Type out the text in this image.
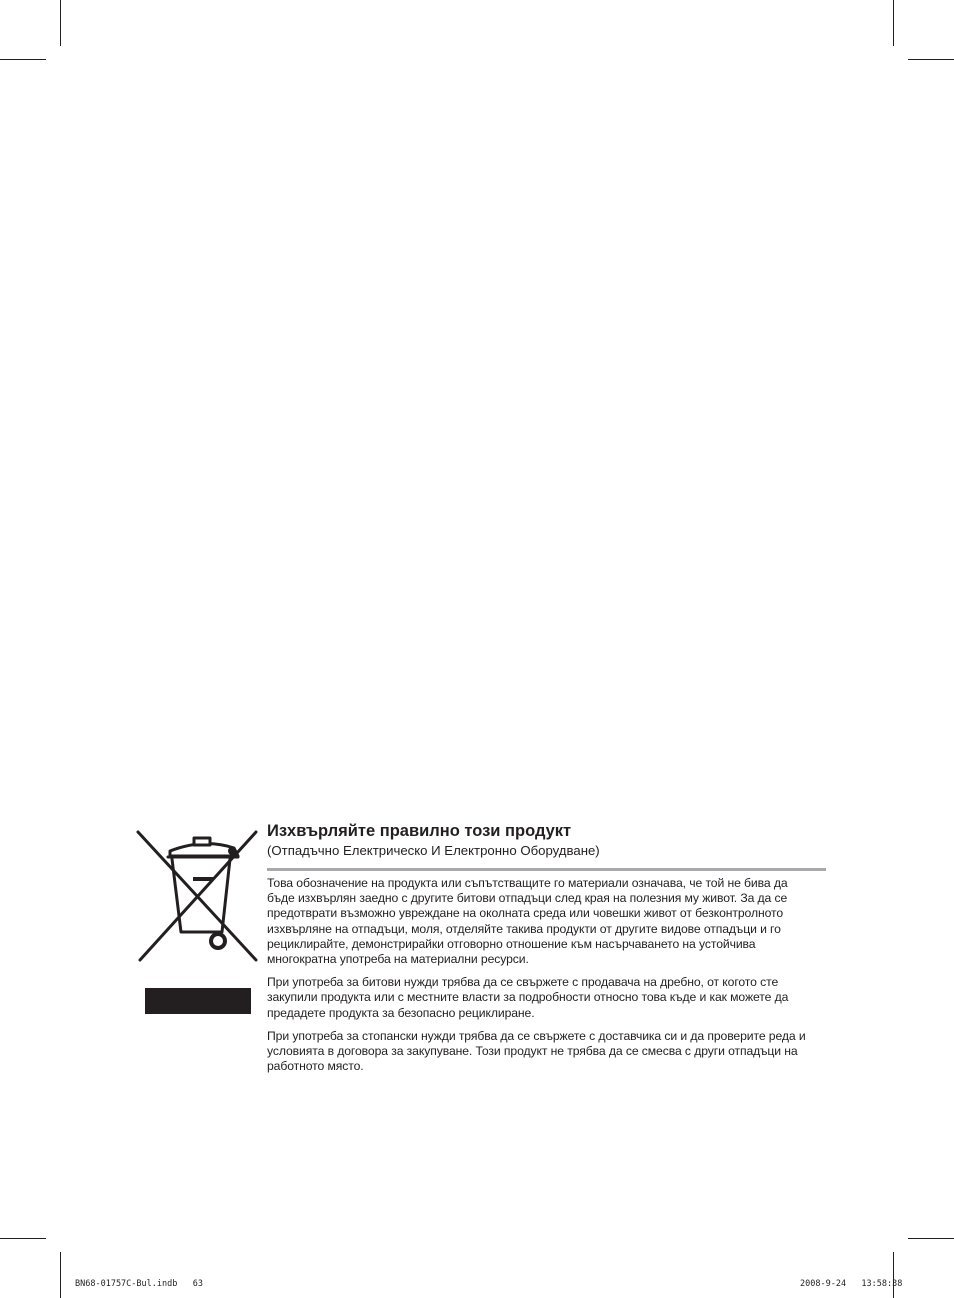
Изхвърляйте правилно този продукт

(Отпадъчно Електрическо И Електронно Оборудване)

Това обозначение на продукта или съпътстващите го материали означава, че той не бива да бъде изхвърлян заедно с другите битови отпадъци след края на полезния му живот. За да се предотврати възможно увреждане на околната среда или човешки живот от безконтролното изхвърляне на отпадъци, моля, отделяйте такива продукти от другите видове отпадъци и го рециклирайте, демонстрирайки отговорно отношение към насърчаването на устойчива многократна употреба на материални ресурси.

При употреба за битови нужди трябва да се свържете с продавача на дребно, от когото сте закупили продукта или с местните власти за подробности относно това къде и как можете да предадете продукта за безопасно рециклиране.

При употреба за стопански нужди трябва да се свържете с доставчика си и да проверите реда и условията в договора за закупуване. Този продукт не трябва да се смесва с други отпадъци на работното място.

BN68-01757C-Bul.indb   63	2008-9-24   13:58:38
